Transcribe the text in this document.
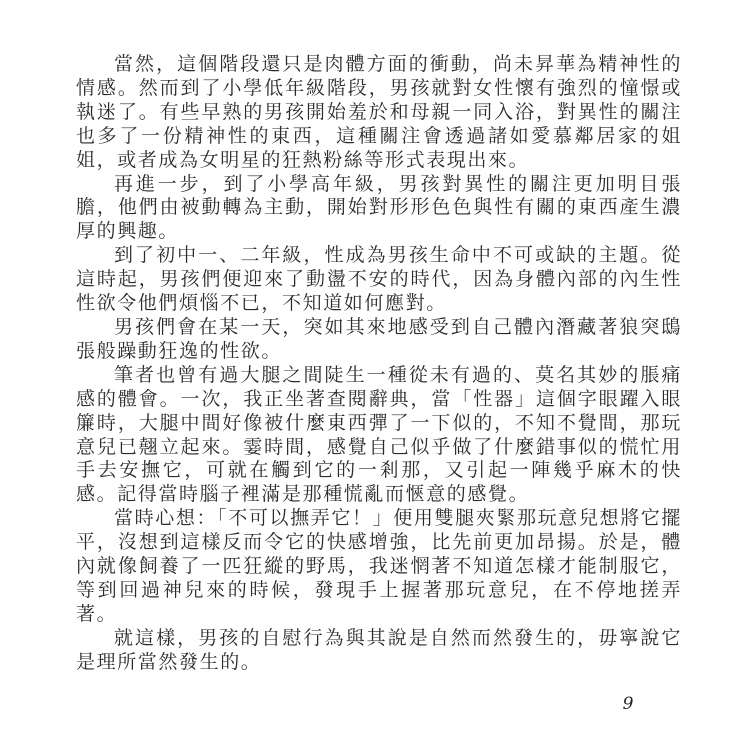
當然，這個階段還只是肉體方面的衝動，尚未昇華為精神性的情感。然而到了小學低年級階段，男孩就對女性懷有強烈的憧憬或執迷了。有些早熟的男孩開始羞於和母親一同入浴，對異性的關注也多了一份精神性的東西，這種關注會透過諸如愛慕鄰居家的姐姐，或者成為女明星的狂熱粉絲等形式表現出來。

再進一步，到了小學高年級，男孩對異性的關注更加明目張膽，他們由被動轉為主動，開始對形形色色與性有關的東西產生濃厚的興趣。

到了初中一、二年級，性成為男孩生命中不可或缺的主題。從這時起，男孩們便迎來了動盪不安的時代，因為身體內部的內生性性欲令他們煩惱不已，不知道如何應對。

男孩們會在某一天，突如其來地感受到自己體內潛藏著狼突鴟張般躁動狂逸的性欲。

筆者也曾有過大腿之間陡生一種從未有過的、莫名其妙的脹痛感的體會。一次，我正坐著查閱辭典，當「性器」這個字眼躍入眼簾時，大腿中間好像被什麼東西彈了一下似的，不知不覺間，那玩意兒已翹立起來。霎時間，感覺自己似乎做了什麼錯事似的慌忙用手去安撫它，可就在觸到它的一剎那，又引起一陣幾乎麻木的快感。記得當時腦子裡滿是那種慌亂而愜意的感覺。

當時心想：「不可以撫弄它！」便用雙腿夾緊那玩意兒想將它擺平，沒想到這樣反而令它的快感增強，比先前更加昂揚。於是，體內就像飼養了一匹狂縱的野馬，我迷惘著不知道怎樣才能制服它，等到回過神兒來的時候，發現手上握著那玩意兒，在不停地搓弄著。

就這樣，男孩的自慰行為與其說是自然而然發生的，毋寧說它是理所當然發生的。

9
